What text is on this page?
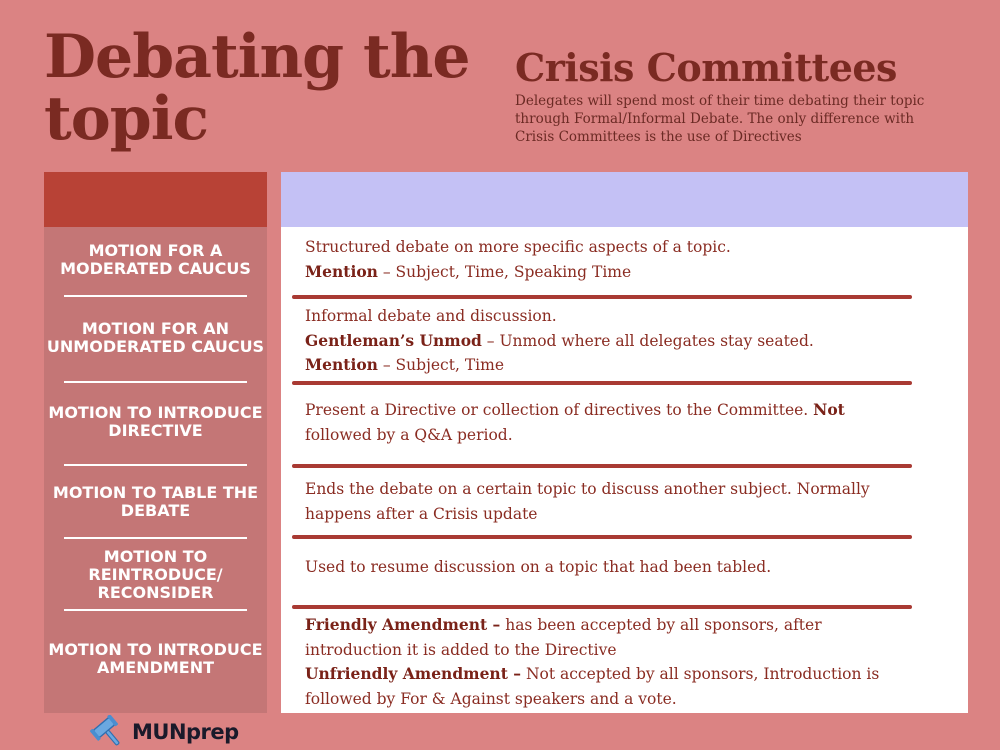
Debating the topic
Crisis Committees

Delegates will spend most of their time debating their topic through Formal/Informal Debate. The only difference with Crisis Committees is the use of Directives

MOTION FOR A MODERATED CAUCUS
MOTION FOR AN UNMODERATED CAUCUS
MOTION TO INTRODUCE DIRECTIVE
MOTION TO TABLE THE DEBATE
MOTION TO REINTRODUCE/ RECONSIDER
MOTION TO INTRODUCE AMENDMENT
Structured debate on more specific aspects of a topic.
Mention – Subject, Time, Speaking Time
Informal debate and discussion.
Gentleman’s Unmod – Unmod where all delegates stay seated.
Mention – Subject, Time
Present a Directive or collection of directives to the Committee. Not
followed by a Q&A period.
Ends the debate on a certain topic to discuss another subject. Normally
happens after a Crisis update
Used to resume discussion on a topic that had been tabled.
Friendly Amendment – has been accepted by all sponsors, after
introduction it is added to the Directive
Unfriendly Amendment – Not accepted by all sponsors, Introduction is
followed by For & Against speakers and a vote.
MUNprep
